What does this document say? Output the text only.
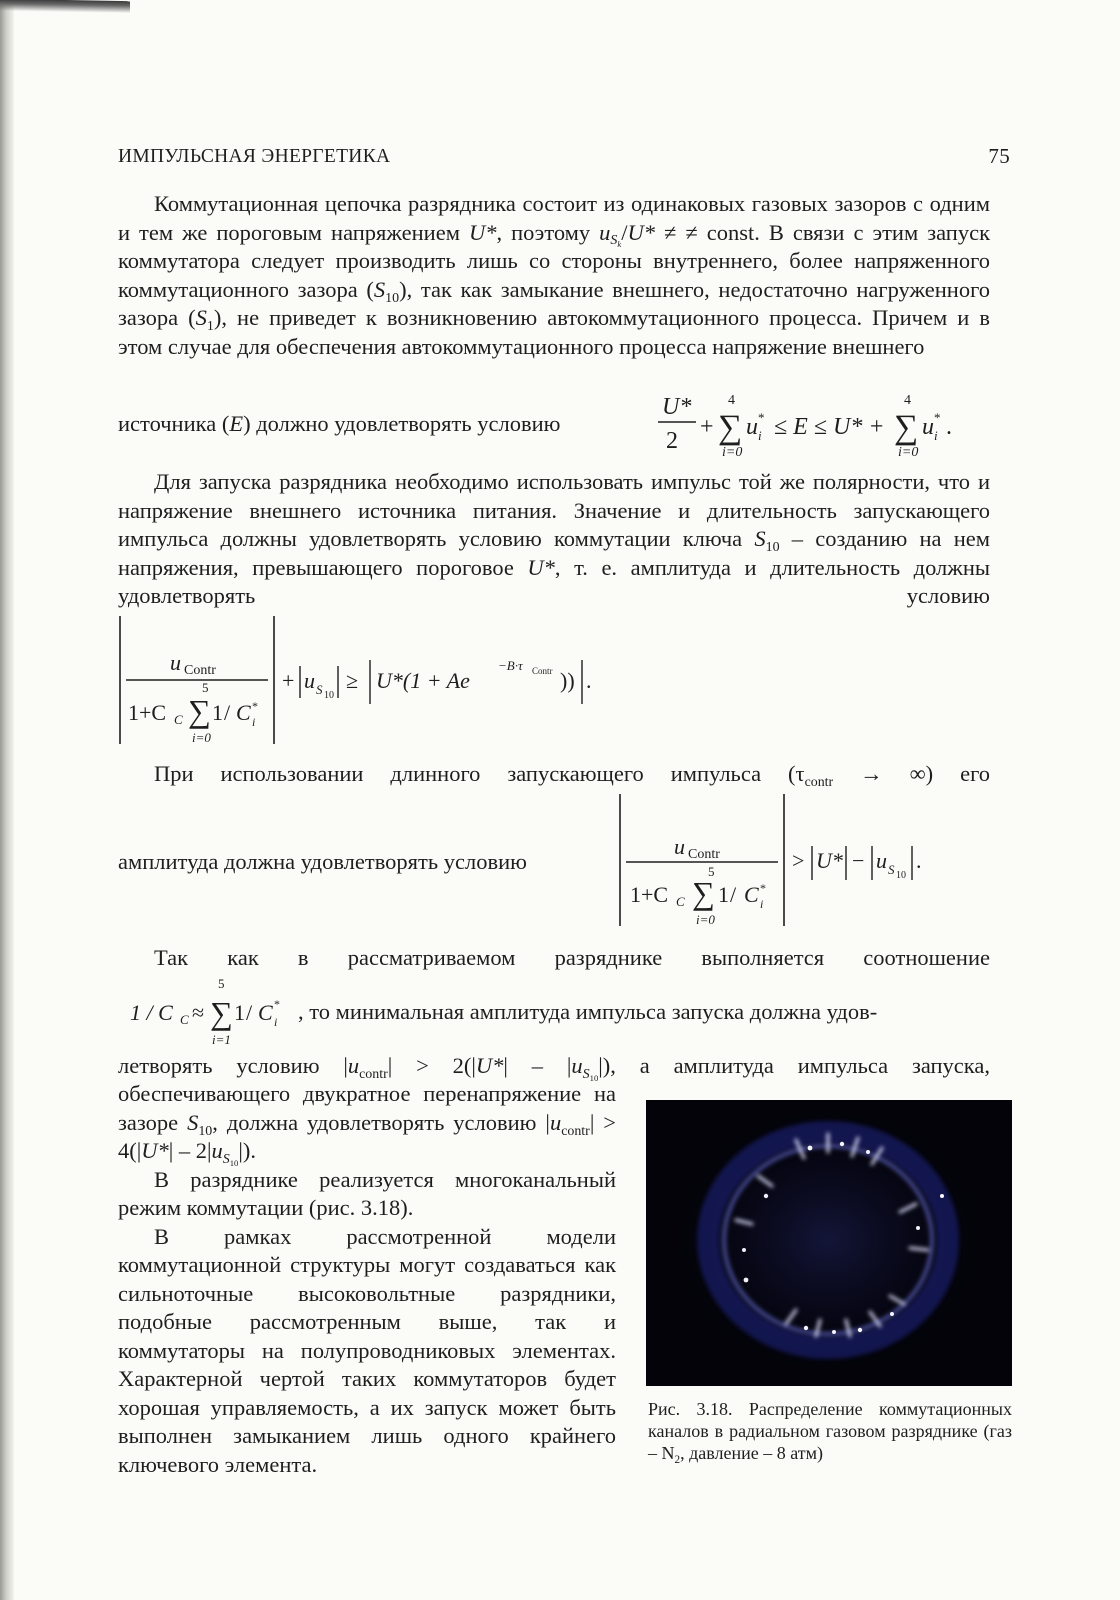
ИМПУЛЬСНАЯ ЭНЕРГЕТИКА	75

Коммутационная цепочка разрядника состоит из одинаковых газовых зазоров с одним и тем же пороговым напряжением U*, поэтому $u_{S_k}/U*$ ≠ ≠ const. В связи с этим запуск коммутатора следует производить лишь со стороны внутреннего, более напряженного коммутационного зазора $(S_{10})$, так как замыкание внешнего, недостаточно нагруженного зазора $(S_1)$, не приведет к возникновению автокоммутационного процесса. Причем и в этом случае для обеспечения автокоммутационного процесса напряжение внешнего

источника (E) должно удовлетворять условию
U*
2
+
4
∑
i=0
u *
i ≤ E ≤ U* +
4
∑
i=0
u *
i .

Для запуска разрядника необходимо использовать импульс той же полярности, что и напряжение внешнего источника питания. Значение и длительность запускающего импульса должны удовлетворять условию коммутации ключа $S_{10}$ – созданию на нем напряжения, превышающего пороговое U*, т. е. амплитуда и длительность должны удовлетворять условию

u Contr
5
1+C C ∑
i=0
1 / C *
i
+ u S 10
≥ U*(1 + Ae
−B·τ Contr )) .

При использовании длинного запускающего импульса ($\tau_{contr}$ → ∞) его

амплитуда должна удовлетворять условию
u Contr
5
1+C C ∑
i=0
1 / C *
i
> U* − u S 10
.

Так как в рассматриваемом разряднике выполняется соотношение

1 / C C ≈
5
∑
i=1
1 / C *
i , то минимальная амплитуда импульса запуска должна удов-

летворять условию $|u_{contr}| > 2(|U*| - |u_{S_{10}}|)$, а амплитуда импульса запуска,

обеспечивающего двукратное перенапряжение на зазоре $S_{10}$, должна удовлетворять условию $|u_{contr}| > 4(|U*| - 2|u_{S_{10}}|)$.

В разряднике реализуется многоканальный режим коммутации (рис. 3.18).

В рамках рассмотренной модели коммутационной структуры могут создаваться как сильноточные высоковольтные разрядники, подобные рассмотренным выше, так и коммутаторы на полупроводниковых элементах. Характерной чертой таких коммутаторов будет хорошая управляемость, а их запуск может быть выполнен замыканием лишь одного крайнего ключевого элемента.

Рис. 3.18. Распределение коммутационных каналов в радиальном газовом разряднике ($газ - N_2$, давление – 8 атм)
